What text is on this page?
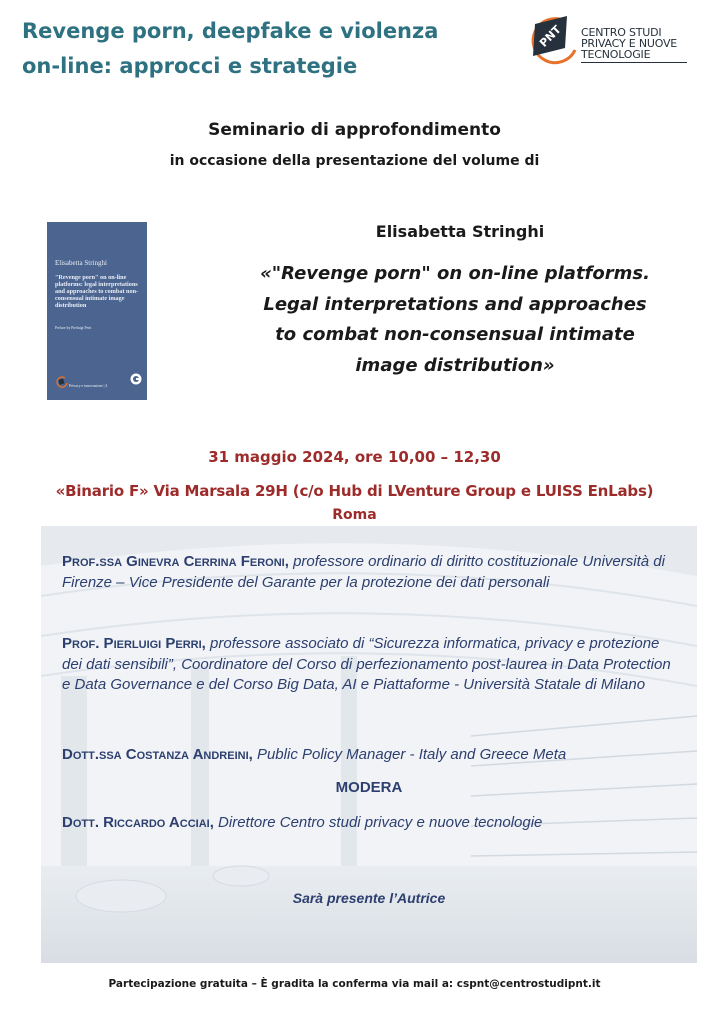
Revenge porn, deepfake e violenza on-line: approcci e strategie
PNT CENTRO STUDI
PRIVACY E NUOVE
TECNOLOGIE
Seminario di approfondimento
in occasione della presentazione del volume di
Elisabetta Stringhi
"Revenge porn" on on-line platforms: legal interpretations and approaches to combat non-consensual intimate image distribution
Preface by Pierluigi Perri
Privacy e innovazione | 4
Elisabetta Stringhi

«"Revenge porn" on on-line platforms. Legal interpretations and approaches to combat non-consensual intimate image distribution»

31 maggio 2024, ore 10,00 – 12,30
«Binario F» Via Marsala 29H (c/o Hub di LVenture Group e LUISS EnLabs)
Roma

Prof.ssa Ginevra Cerrina Feroni, professore ordinario di diritto costituzionale Università di Firenze – Vice Presidente del Garante per la protezione dei dati personali

Prof. Pierluigi Perri, professore associato di “Sicurezza informatica, privacy e protezione dei dati sensibili”, Coordinatore del Corso di perfezionamento post-laurea in Data Protection e Data Governance e del Corso Big Data, AI e Piattaforme - Università Statale di Milano

Dott.ssa Costanza Andreini, Public Policy Manager - Italy and Greece Meta

MODERA

Dott. Riccardo Acciai, Direttore Centro studi privacy e nuove tecnologie

Sarà presente l’Autrice
Partecipazione gratuita – È gradita la conferma via mail a: cspnt@centrostudipnt.it
